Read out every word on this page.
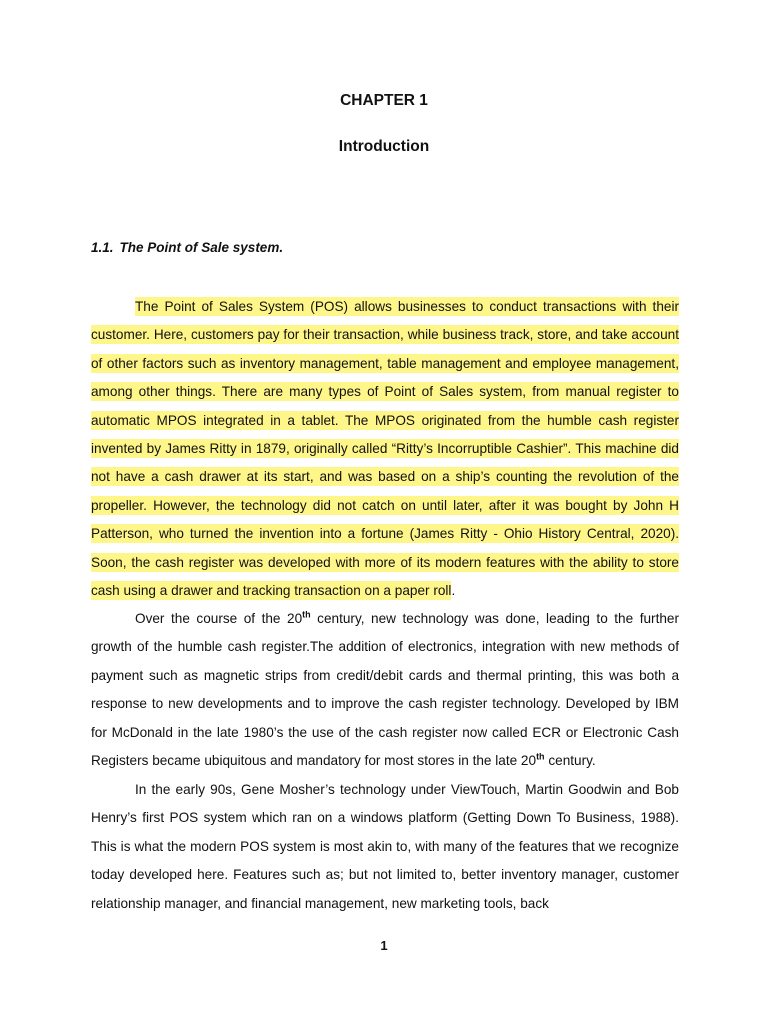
CHAPTER 1
Introduction
1.1. The Point of Sale system.

The Point of Sales System (POS) allows businesses to conduct transactions with their customer. Here, customers pay for their transaction, while business track, store, and take account of other factors such as inventory management, table management and employee management, among other things. There are many types of Point of Sales system, from manual register to automatic MPOS integrated in a tablet. The MPOS originated from the humble cash register invented by James Ritty in 1879, originally called “Ritty’s Incorruptible Cashier”. This machine did not have a cash drawer at its start, and was based on a ship’s counting the revolution of the propeller. However, the technology did not catch on until later, after it was bought by John H Patterson, who turned the invention into a fortune (James Ritty - Ohio History Central, 2020). Soon, the cash register was developed with more of its modern features with the ability to store cash using a drawer and tracking transaction on a paper roll.

Over the course of the 20th century, new technology was done, leading to the further growth of the humble cash register.The addition of electronics, integration with new methods of payment such as magnetic strips from credit/debit cards and thermal printing, this was both a response to new developments and to improve the cash register technology. Developed by IBM for McDonald in the late 1980’s the use of the cash register now called ECR or Electronic Cash Registers became ubiquitous and mandatory for most stores in the late 20th century.

In the early 90s, Gene Mosher’s technology under ViewTouch, Martin Goodwin and Bob Henry’s first POS system which ran on a windows platform (Getting Down To Business, 1988). This is what the modern POS system is most akin to, with many of the features that we recognize today developed here. Features such as; but not limited to, better inventory manager, customer relationship manager, and financial management, new marketing tools, back

1
